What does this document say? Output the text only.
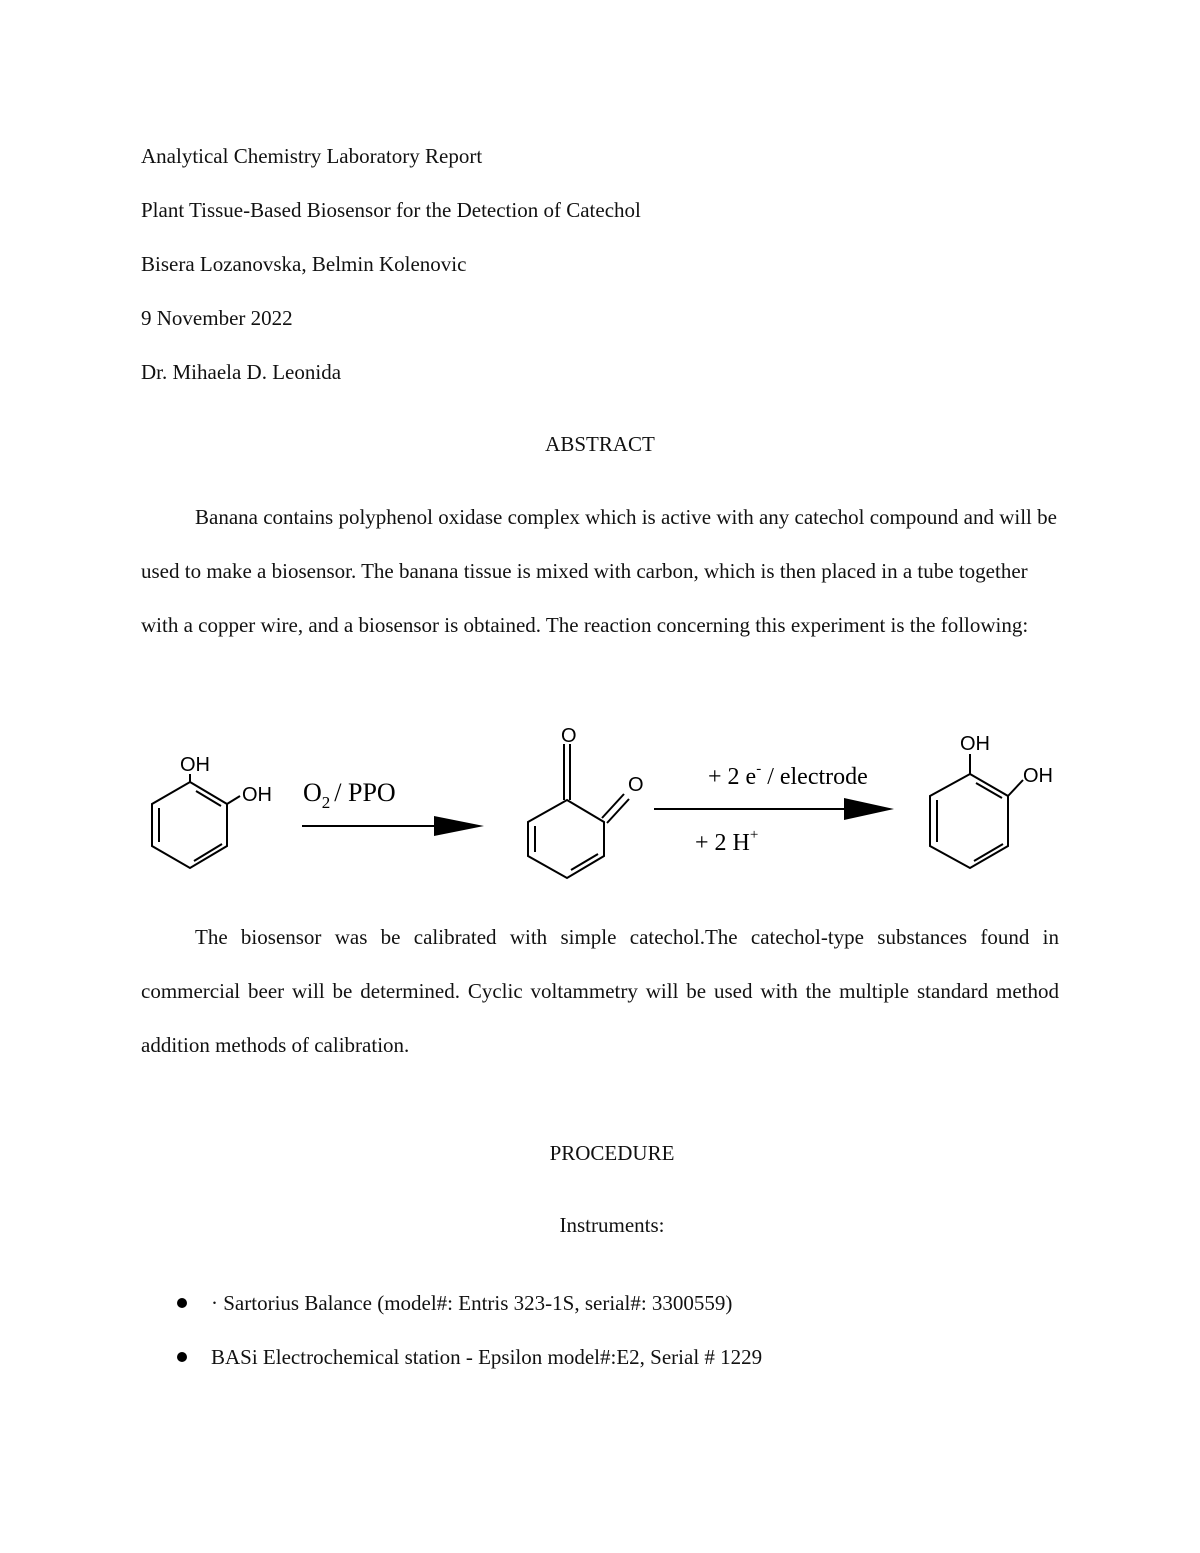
Analytical Chemistry Laboratory Report
Plant Tissue-Based Biosensor for the Detection of Catechol
Bisera Lozanovska, Belmin Kolenovic
9 November 2022
Dr. Mihaela D. Leonida
ABSTRACT

Banana contains polyphenol oxidase complex which is active with any catechol compound and will be used to make a biosensor. The banana tissue is mixed with carbon, which is then placed in a tube together with a copper wire, and a biosensor is obtained. The reaction concerning this experiment is the following:

OH
OH $O_2$ / PPO
O
O	+ 2 e- / electrode
+ 2 H+
OH
OH

The biosensor was be calibrated with simple catechol.The catechol-type substances found in commercial beer will be determined. Cyclic voltammetry will be used with the multiple standard method addition methods of calibration.

PROCEDURE
Instruments:
· Sartorius Balance (model#: Entris 323-1S, serial#: 3300559)
BASi Electrochemical station - Epsilon model#:E2, Serial # 1229
